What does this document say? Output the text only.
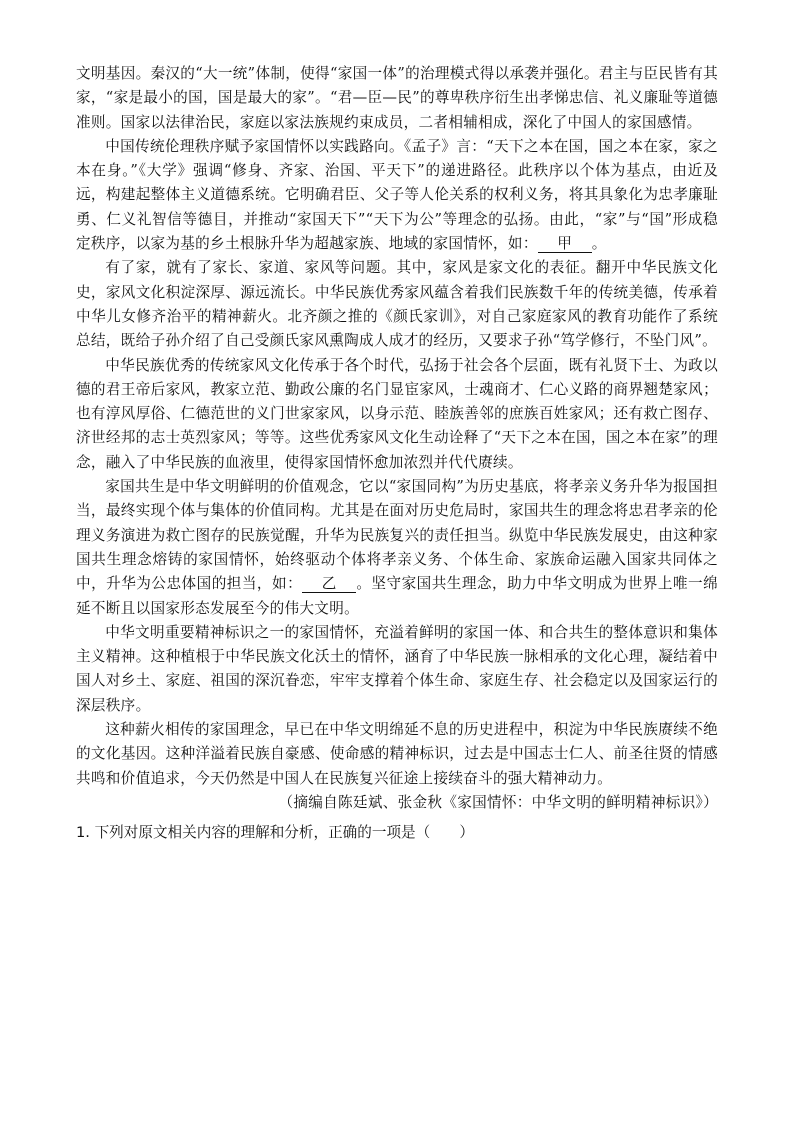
文明基因。秦汉的“大一统”体制，使得“家国一体”的治理模式得以承袭并强化。君主与臣民皆有其家，“家是最小的国，国是最大的家”。“君—臣—民”的尊卑秩序衍生出孝悌忠信、礼义廉耻等道德准则。国家以法律治民，家庭以家法族规约束成员，二者相辅相成，深化了中国人的家国感情。

中国传统伦理秩序赋予家国情怀以实践路向。《孟子》言：“天下之本在国，国之本在家，家之本在身。”《大学》强调“修身、齐家、治国、平天下”的递进路径。此秩序以个体为基点，由近及远，构建起整体主义道德系统。它明确君臣、父子等人伦关系的权利义务，将其具象化为忠孝廉耻勇、仁义礼智信等德目，并推动“家国天下”“天下为公”等理念的弘扬。由此，“家”与“国”形成稳定秩序，以家为基的乡土根脉升华为超越家族、地域的家国情怀，如： 甲 。

有了家，就有了家长、家道、家风等问题。其中，家风是家文化的表征。翻开中华民族文化史，家风文化积淀深厚、源远流长。中华民族优秀家风蕴含着我们民族数千年的传统美德，传承着中华儿女修齐治平的精神薪火。北齐颜之推的《颜氏家训》，对自己家庭家风的教育功能作了系统总结，既给子孙介绍了自己受颜氏家风熏陶成人成才的经历，又要求子孙“笃学修行，不坠门风”。

中华民族优秀的传统家风文化传承于各个时代，弘扬于社会各个层面，既有礼贤下士、为政以德的君王帝后家风，教家立范、勤政公廉的名门显宦家风，士魂商才、仁心义路的商界翘楚家风；也有淳风厚俗、仁德范世的义门世家家风，以身示范、睦族善邻的庶族百姓家风；还有救亡图存、济世经邦的志士英烈家风；等等。这些优秀家风文化生动诠释了“天下之本在国，国之本在家”的理念，融入了中华民族的血液里，使得家国情怀愈加浓烈并代代赓续。

家国共生是中华文明鲜明的价值观念，它以“家国同构”为历史基底，将孝亲义务升华为报国担当，最终实现个体与集体的价值同构。尤其是在面对历史危局时，家国共生的理念将忠君孝亲的伦理义务演进为救亡图存的民族觉醒，升华为民族复兴的责任担当。纵览中华民族发展史，由这种家国共生理念熔铸的家国情怀，始终驱动个体将孝亲义务、个体生命、家族命运融入国家共同体之中，升华为公忠体国的担当，如： 乙 。坚守家国共生理念，助力中华文明成为世界上唯一绵延不断且以国家形态发展至今的伟大文明。

中华文明重要精神标识之一的家国情怀，充溢着鲜明的家国一体、和合共生的整体意识和集体主义精神。这种植根于中华民族文化沃土的情怀，涵育了中华民族一脉相承的文化心理，凝结着中国人对乡土、家庭、祖国的深沉眷恋，牢牢支撑着个体生命、家庭生存、社会稳定以及国家运行的深层秩序。

这种薪火相传的家国理念，早已在中华文明绵延不息的历史进程中，积淀为中华民族赓续不绝的文化基因。这种洋溢着民族自豪感、使命感的精神标识，过去是中国志士仁人、前圣往贤的情感共鸣和价值追求，今天仍然是中国人在民族复兴征途上接续奋斗的强大精神动力。

（摘编自陈廷斌、张金秋《家国情怀：中华文明的鲜明精神标识》）

1. 下列对原文相关内容的理解和分析，正确的一项是（　　）
